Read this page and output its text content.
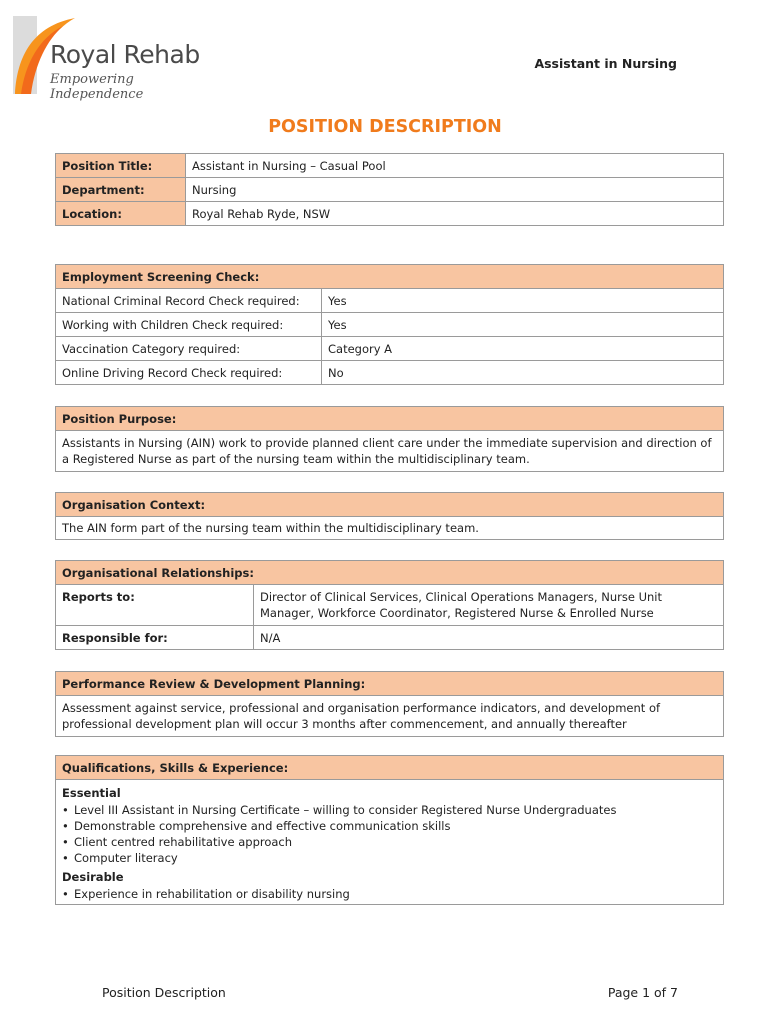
Royal Rehab
Empowering Independence
Assistant in Nursing
POSITION DESCRIPTION
Position Title:	Assistant in Nursing – Casual Pool
Department:	Nursing
Location:	Royal Rehab Ryde, NSW
Employment Screening Check:	
National Criminal Record Check required:	Yes
Working with Children Check required:	Yes
Vaccination Category required:	Category A
Online Driving Record Check required:	No
Position Purpose:
Assistants in Nursing (AIN) work to provide planned client care under the immediate supervision and direction of a Registered Nurse as part of the nursing team within the multidisciplinary team.
Organisation Context:
The AIN form part of the nursing team within the multidisciplinary team.
Organisational Relationships:	
Reports to:	Director of Clinical Services, Clinical Operations Managers, Nurse Unit Manager, Workforce Coordinator, Registered Nurse & Enrolled Nurse
Responsible for:	N/A
Performance Review & Development Planning:
Assessment against service, professional and organisation performance indicators, and development of professional development plan will occur 3 months after commencement, and annually thereafter
Qualifications, Skills & Experience:

Essential
• Level III Assistant in Nursing Certificate – willing to consider Registered Nurse Undergraduates
• Demonstrable comprehensive and effective communication skills
• Client centred rehabilitative approach
• Computer literacy
Desirable
• Experience in rehabilitation or disability nursing
Position Description	Page 1 of 7
